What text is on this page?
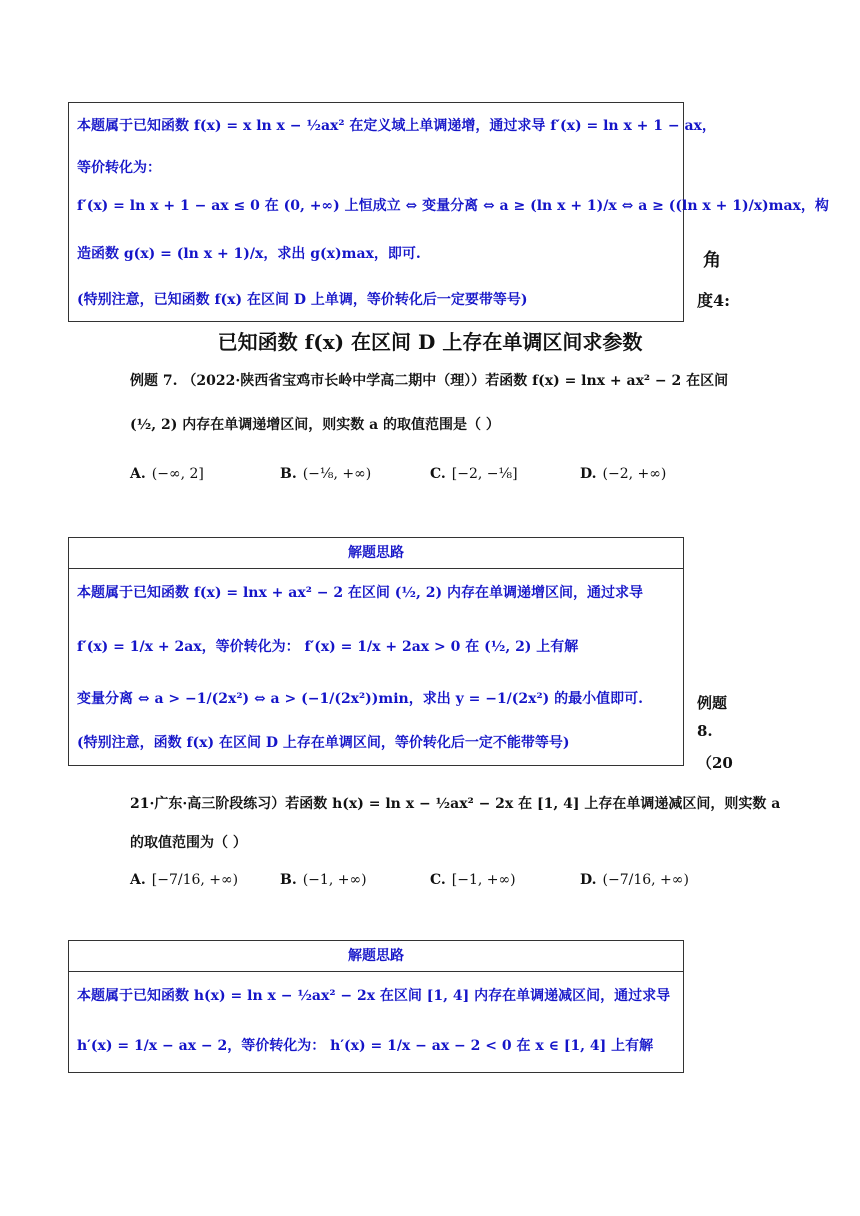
本题属于已知函数 f(x) = x ln x − ½ax² 在定义域上单调递增，通过求导 f′(x) = ln x + 1 − ax，
等价转化为：
f′(x) = ln x + 1 − ax ≤ 0 在 (0, +∞) 上恒成立 ⇔ 变量分离 ⇔ a ≥ (ln x + 1)/x ⇔ a ≥ ((ln x + 1)/x)max，构
造函数 g(x) = (ln x + 1)/x，求出 g(x)max，即可.
(特别注意，已知函数 f(x) 在区间 D 上单调，等价转化后一定要带等号)
角
度4:
已知函数 f(x) 在区间 D 上存在单调区间求参数
例题 7. （2022·陕西省宝鸡市长岭中学高二期中（理））若函数 f(x) = lnx + ax² − 2 在区间
(½, 2) 内存在单调递增区间，则实数 a 的取值范围是（ ）
A. (−∞, 2]	B. (−⅛, +∞)	C. [−2, −⅛]	D. (−2, +∞)
解题思路
本题属于已知函数 f(x) = lnx + ax² − 2 在区间 (½, 2) 内存在单调递增区间，通过求导
f′(x) = 1/x + 2ax，等价转化为： f′(x) = 1/x + 2ax > 0 在 (½, 2) 上有解
变量分离 ⇔ a > −1/(2x²) ⇔ a > (−1/(2x²))min，求出 y = −1/(2x²) 的最小值即可.
(特别注意，函数 f(x) 在区间 D 上存在单调区间，等价转化后一定不能带等号)
例题
8.
（20
21·广东·高三阶段练习）若函数 h(x) = ln x − ½ax² − 2x 在 [1, 4] 上存在单调递减区间，则实数 a
的取值范围为（ ）
A. [−7/16, +∞)	B. (−1, +∞)	C. [−1, +∞)	D. (−7/16, +∞)
解题思路
本题属于已知函数 h(x) = ln x − ½ax² − 2x 在区间 [1, 4] 内存在单调递减区间，通过求导
h′(x) = 1/x − ax − 2，等价转化为： h′(x) = 1/x − ax − 2 < 0 在 x ∈ [1, 4] 上有解
